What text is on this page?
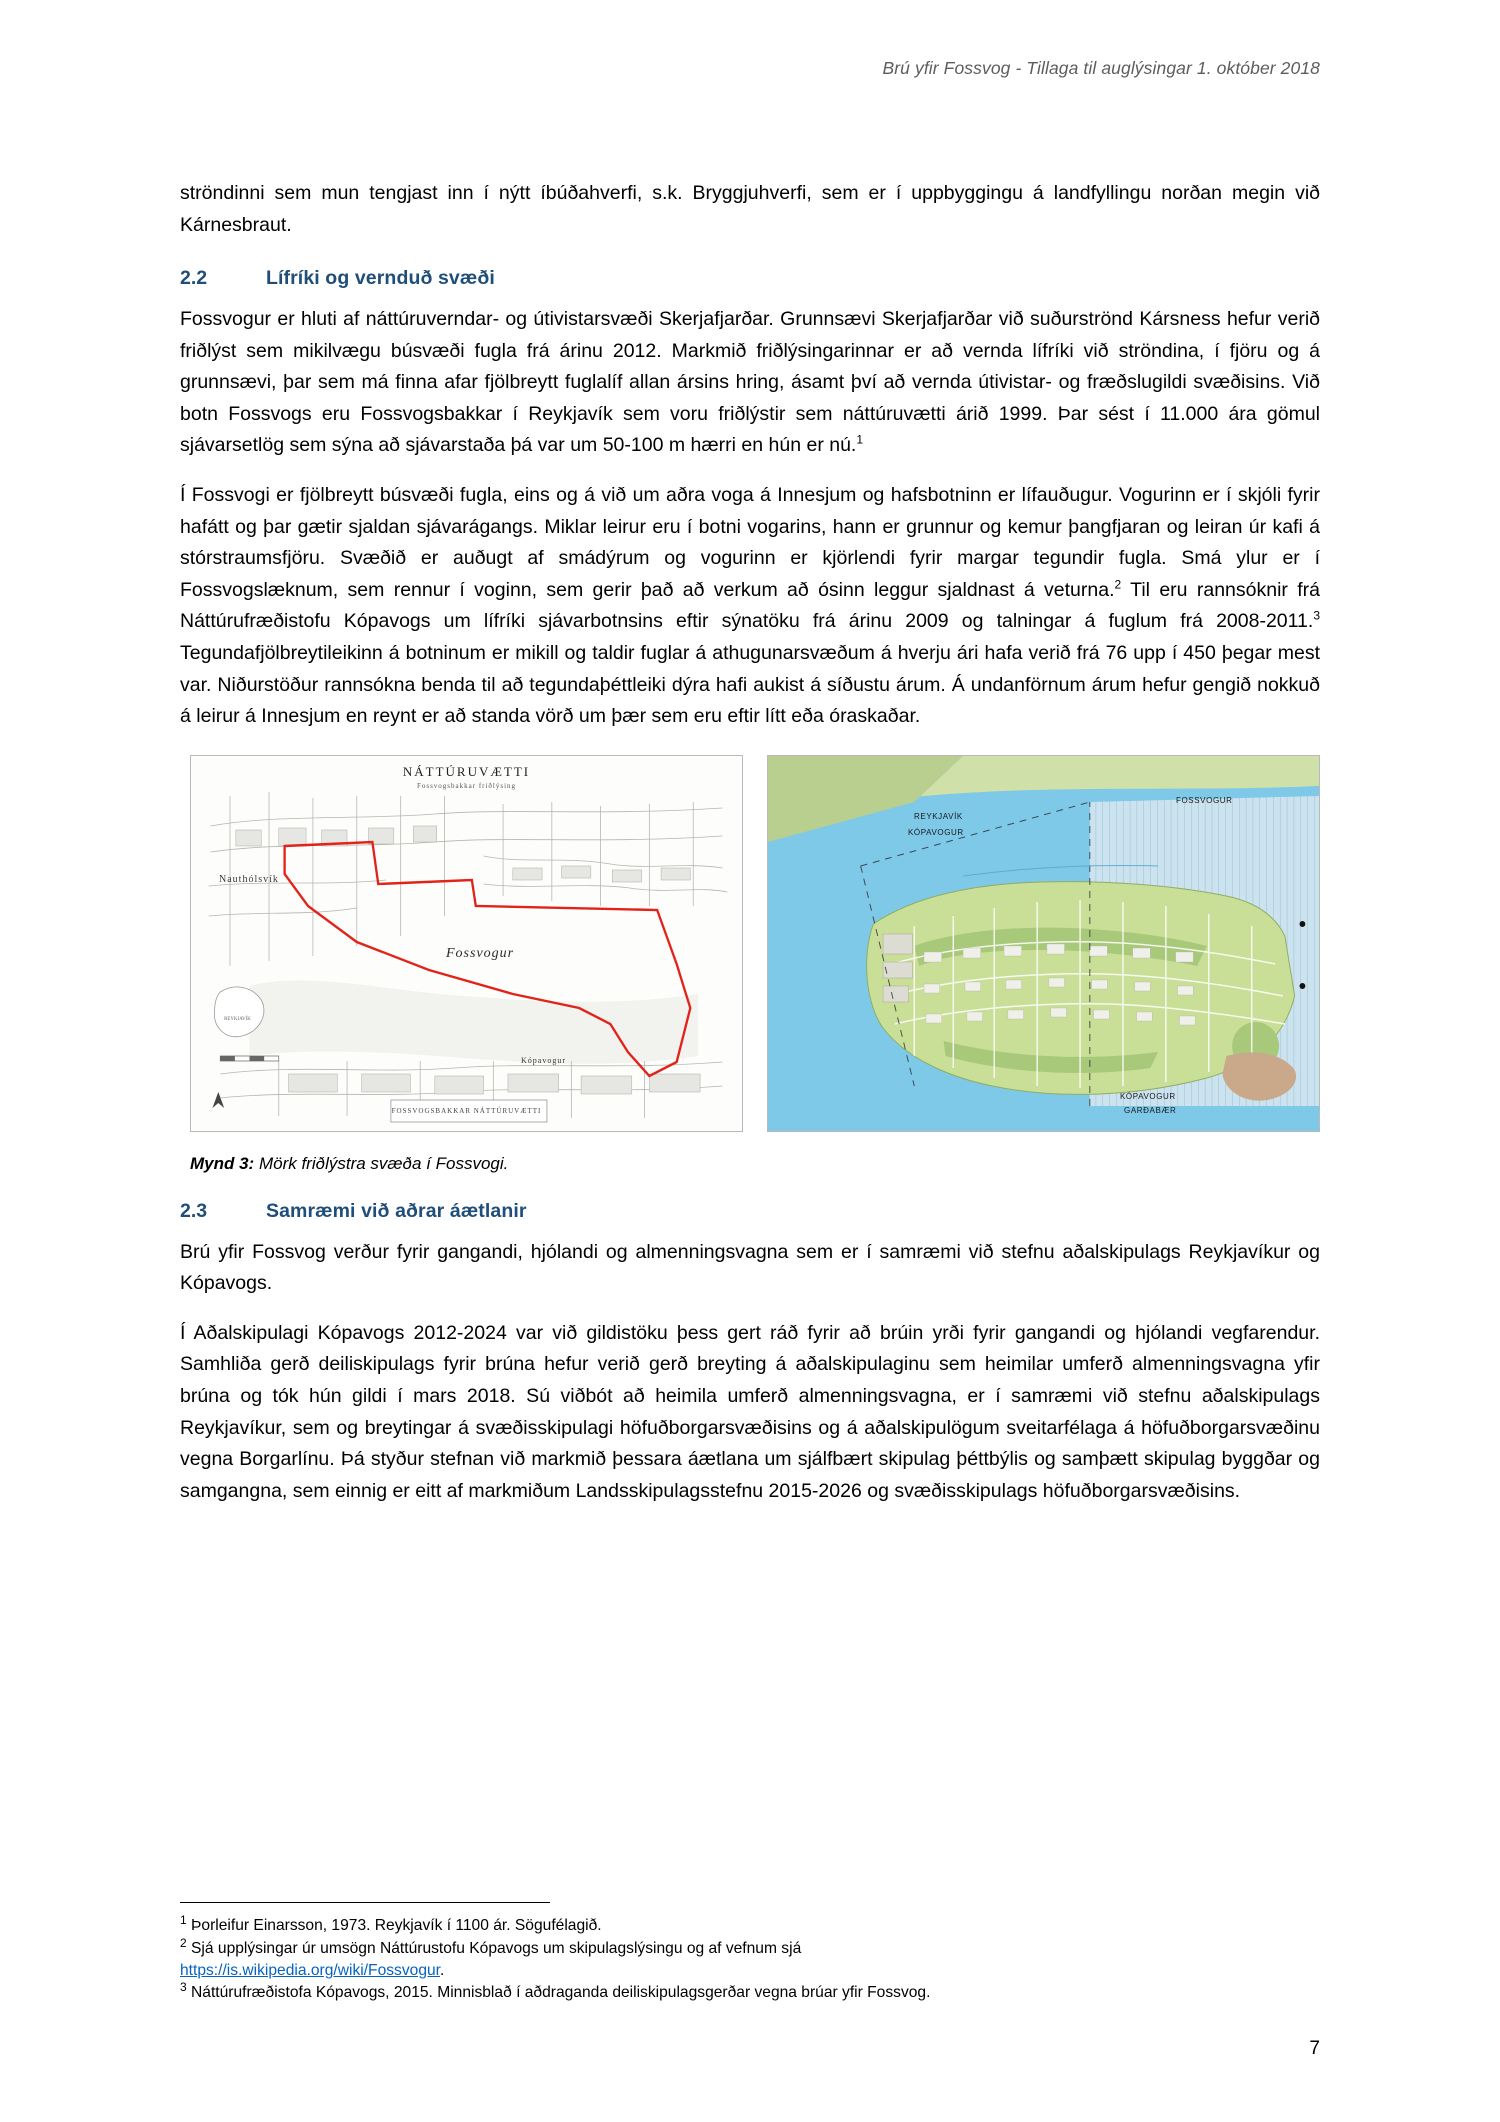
Brú yfir Fossvog - Tillaga til auglýsingar 1. október 2018

ströndinni sem mun tengjast inn í nýtt íbúðahverfi, s.k. Bryggjuhverfi, sem er í uppbyggingu á landfyllingu norðan megin við Kárnesbraut.

2.2	Lífríki og vernduð svæði

Fossvogur er hluti af náttúruverndar- og útivistarsvæði Skerjafjarðar. Grunnsævi Skerjafjarðar við suðurströnd Kársness hefur verið friðlýst sem mikilvægu búsvæði fugla frá árinu 2012. Markmið friðlýsingarinnar er að vernda lífríki við ströndina, í fjöru og á grunnsævi, þar sem má finna afar fjölbreytt fuglalíf allan ársins hring, ásamt því að vernda útivistar- og fræðslugildi svæðisins. Við botn Fossvogs eru Fossvogsbakkar í Reykjavík sem voru friðlýstir sem náttúruvætti árið 1999. Þar sést í 11.000 ára gömul sjávarsetlög sem sýna að sjávarstaða þá var um 50-100 m hærri en hún er nú.$^1$

Í Fossvogi er fjölbreytt búsvæði fugla, eins og á við um aðra voga á Innesjum og hafsbotninn er lífauðugur. Vogurinn er í skjóli fyrir hafátt og þar gætir sjaldan sjávarágangs. Miklar leirur eru í botni vogarins, hann er grunnur og kemur þangfjaran og leiran úr kafi á stórstraumsfjöru. Svæðið er auðugt af smádýrum og vogurinn er kjörlendi fyrir margar tegundir fugla. Smá ylur er í Fossvogslæknum, sem rennur í voginn, sem gerir það að verkum að ósinn leggur sjaldnast á veturna.$^2$ Til eru rannsóknir frá Náttúrufræðistofu Kópavogs um lífríki sjávarbotnsins eftir sýnatöku frá árinu 2009 og talningar á fuglum frá 2008-2011.$^3$ Tegundafjölbreytileikinn á botninum er mikill og taldir fuglar á athugunarsvæðum á hverju ári hafa verið frá 76 upp í 450 þegar mest var. Niðurstöður rannsókna benda til að tegundaþéttleiki dýra hafi aukist á síðustu árum. Á undanförnum árum hefur gengið nokkuð á leirur á Innesjum en reynt er að standa vörð um þær sem eru eftir lítt eða óraskaðar.

REYKJAVÍK
NÁTTÚRUVÆTTI
Fossvogsbakkar friðlýsing
Nauthólsvík
Fossvogur
Kópavogur
FOSSVOGSBAKKAR NÁTTÚRUVÆTTI
REYKJAVÍK
KÓPAVOGUR
FOSSVOGUR
KÓPAVOGUR
GARÐABÆR
Mynd 3: Mörk friðlýstra svæða í Fossvogi.
2.3	Samræmi við aðrar áætlanir

Brú yfir Fossvog verður fyrir gangandi, hjólandi og almenningsvagna sem er í samræmi við stefnu aðalskipulags Reykjavíkur og Kópavogs.

Í Aðalskipulagi Kópavogs 2012-2024 var við gildistöku þess gert ráð fyrir að brúin yrði fyrir gangandi og hjólandi vegfarendur. Samhliða gerð deiliskipulags fyrir brúna hefur verið gerð breyting á aðalskipulaginu sem heimilar umferð almenningsvagna yfir brúna og tók hún gildi í mars 2018. Sú viðbót að heimila umferð almenningsvagna, er í samræmi við stefnu aðalskipulags Reykjavíkur, sem og breytingar á svæðisskipulagi höfuðborgarsvæðisins og á aðalskipulögum sveitarfélaga á höfuðborgarsvæðinu vegna Borgarlínu. Þá styður stefnan við markmið þessara áætlana um sjálfbært skipulag þéttbýlis og samþætt skipulag byggðar og samgangna, sem einnig er eitt af markmiðum Landsskipulagsstefnu 2015-2026 og svæðisskipulags höfuðborgarsvæðisins.

$^1$ Þorleifur Einarsson, 1973. Reykjavík í 1100 ár. Sögufélagið.

$^2$ Sjá upplýsingar úr umsögn Náttúrustofu Kópavogs um skipulagslýsingu og af vefnum sjá
https://is.wikipedia.org/wiki/Fossvogur.

$^3$ Náttúrufræðistofa Kópavogs, 2015. Minnisblað í aðdraganda deiliskipulagsgerðar vegna brúar yfir Fossvog.

7
